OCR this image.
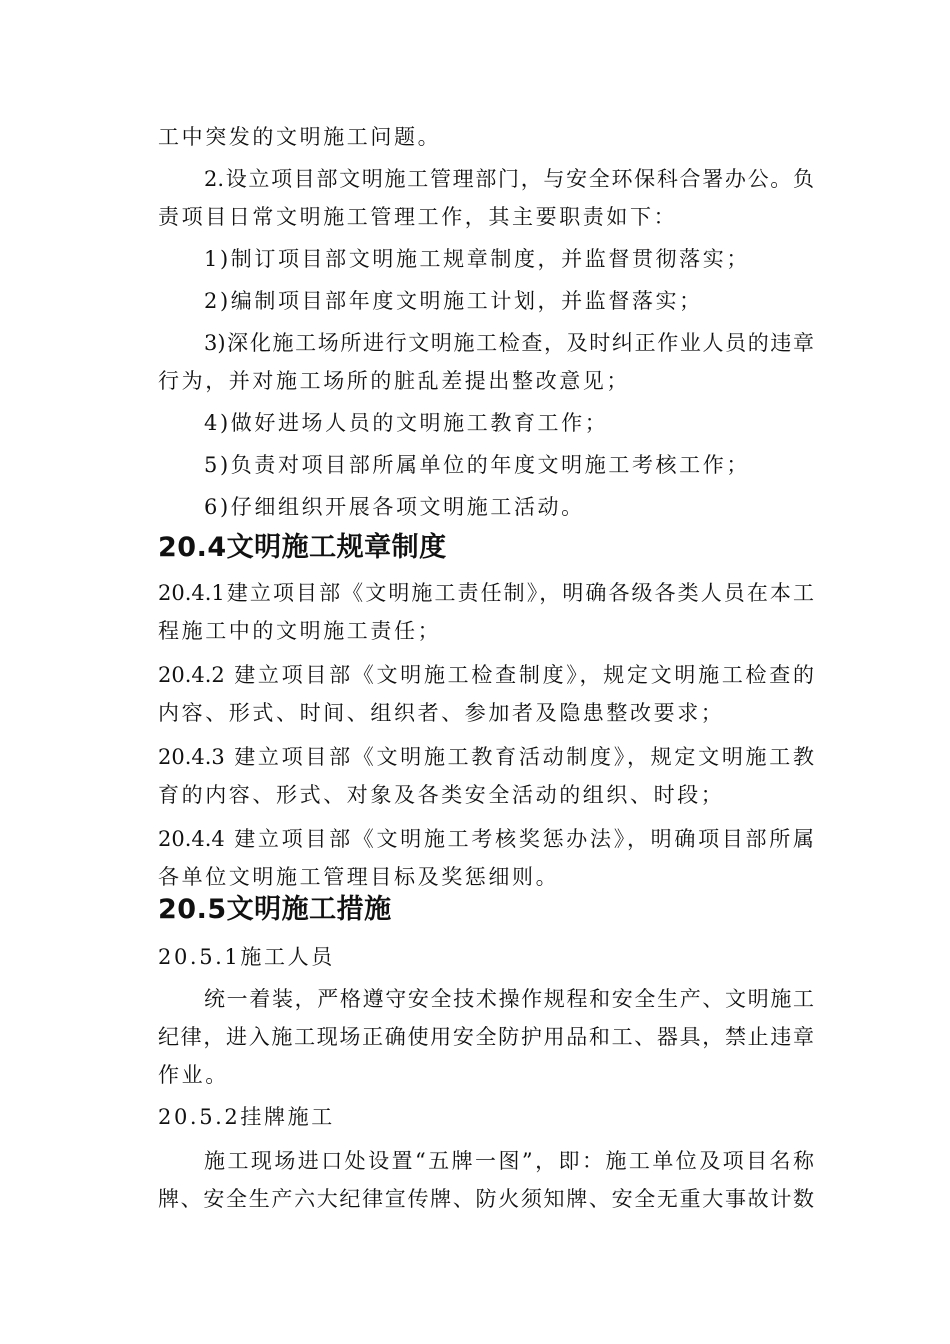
工中突发的文明施工问题。
2.设立项目部文明施工管理部门，与安全环保科合署办公。负
责项目日常文明施工管理工作，其主要职责如下：
1)制订项目部文明施工规章制度，并监督贯彻落实；
2)编制项目部年度文明施工计划，并监督落实；
3)深化施工场所进行文明施工检查，及时纠正作业人员的违章
行为，并对施工场所的脏乱差提出整改意见；
4)做好进场人员的文明施工教育工作；
5)负责对项目部所属单位的年度文明施工考核工作；
6)仔细组织开展各项文明施工活动。
20.4文明施工规章制度
20.4.1建立项目部《文明施工责任制》，明确各级各类人员在本工
程施工中的文明施工责任；
20.4.2 建立项目部《文明施工检查制度》，规定文明施工检查的
内容、形式、时间、组织者、参加者及隐患整改要求；
20.4.3 建立项目部《文明施工教育活动制度》，规定文明施工教
育的内容、形式、对象及各类安全活动的组织、时段；
20.4.4 建立项目部《文明施工考核奖惩办法》，明确项目部所属
各单位文明施工管理目标及奖惩细则。
20.5文明施工措施
20.5.1施工人员
统一着装，严格遵守安全技术操作规程和安全生产、文明施工
纪律，进入施工现场正确使用安全防护用品和工、器具，禁止违章
作业。
20.5.2挂牌施工
施工现场进口处设置“五牌一图”，即：施工单位及项目名称
牌、安全生产六大纪律宣传牌、防火须知牌、安全无重大事故计数
